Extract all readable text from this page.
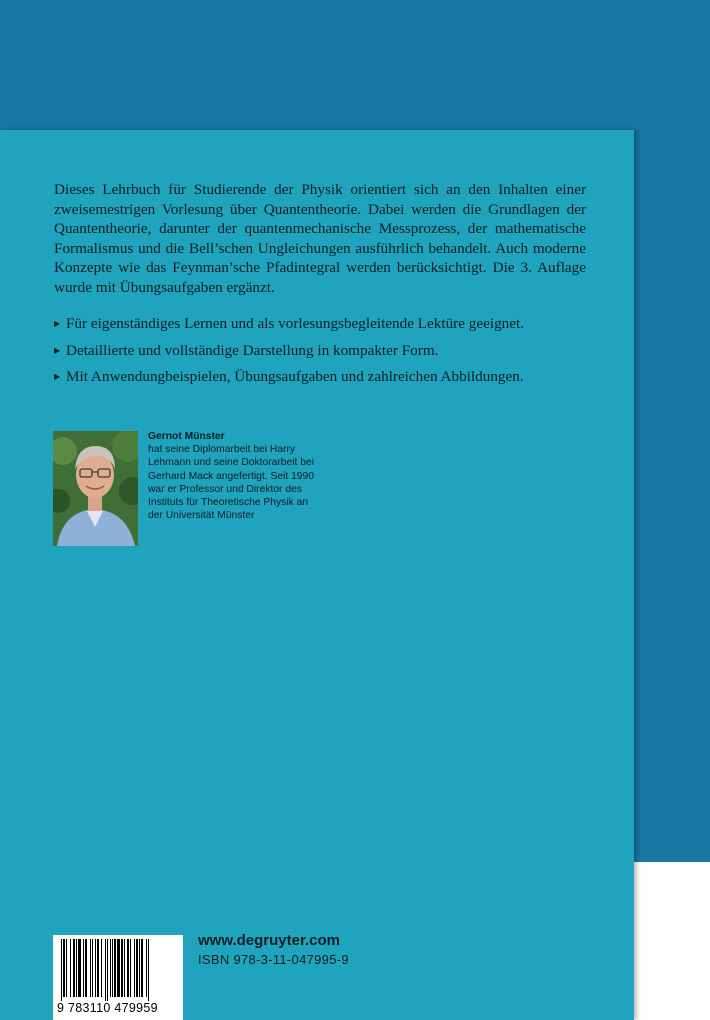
Dieses Lehrbuch für Studierende der Physik orientiert sich an den Inhalten einer zweisemestrigen Vorlesung über Quantentheorie. Dabei werden die Grundlagen der Quantentheorie, darunter der quantenmechanische Messprozess, der mathematische Formalismus und die Bell’schen Ungleichungen ausführlich behandelt. Auch moderne Konzepte wie das Feynman’sche Pfadintegral werden berücksichtigt. Die 3. Auflage wurde mit Übungsaufgaben ergänzt.

▶ Für eigenständiges Lernen und als vorlesungsbegleitende Lektüre geeignet.
▶ Detaillierte und vollständige Darstellung in kompakter Form.
▶ Mit Anwendungbeispielen, Übungsaufgaben und zahlreichen Abbildungen.
Gernot Münster
hat seine Diplomarbeit bei Harry Lehmann und seine Doktorarbeit bei Gerhard Mack angefertigt. Seit 1990 war er Professor und Direktor des Instituts für Theoretische Physik an der Universität Münster
9 783110 479959
www.degruyter.com
ISBN 978-3-11-047995-9
